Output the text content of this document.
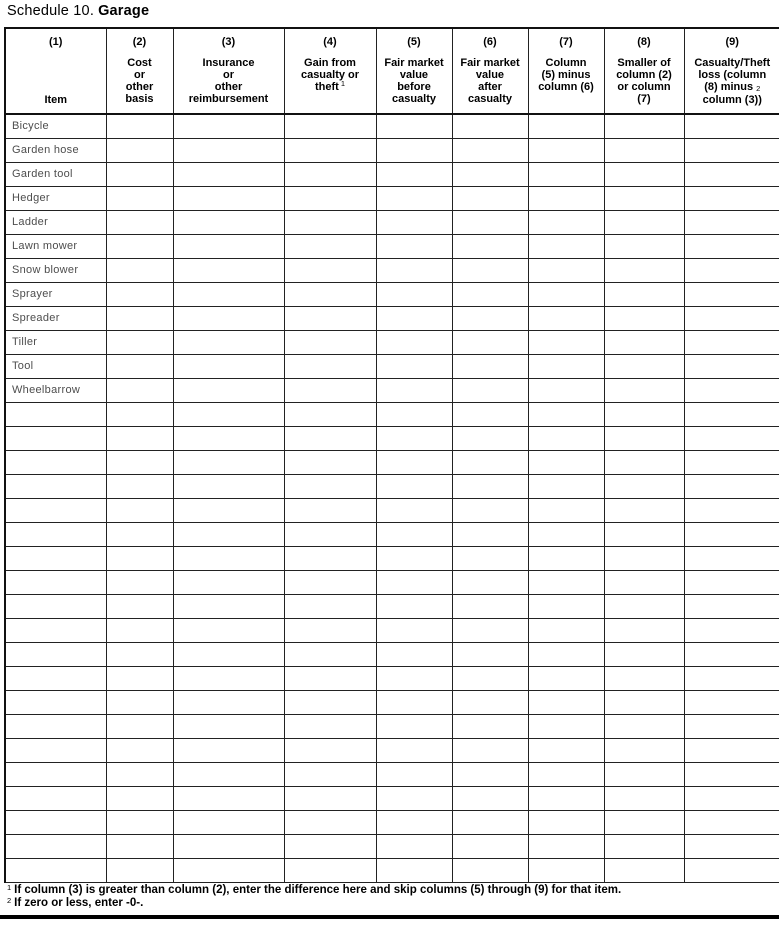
Schedule 10. Garage
(1)
Item

(2)
Cost
or
other
basis

(3)
Insurance
or
other
reimbursement

(4)
Gain from
casualty or
theft $^1$

(5)
Fair market
value
before
casualty

(6)
Fair market
value
after
casualty

(7)
Column
(5) minus
column (6)

(8)
Smaller of
column (2)
or column
(7)

(9)
Casualty/Theft
loss (column
(8) minus 2
column (3))

Bicycle								
Garden hose								
Garden tool								
Hedger								
Ladder								
Lawn mower								
Snow blower								
Sprayer								
Spreader								
Tiller								
Tool								
Wheelbarrow								

$^1$ If column (3) is greater than column (2), enter the difference here and skip columns (5) through (9) for that item.
$^2$ If zero or less, enter -0-.
